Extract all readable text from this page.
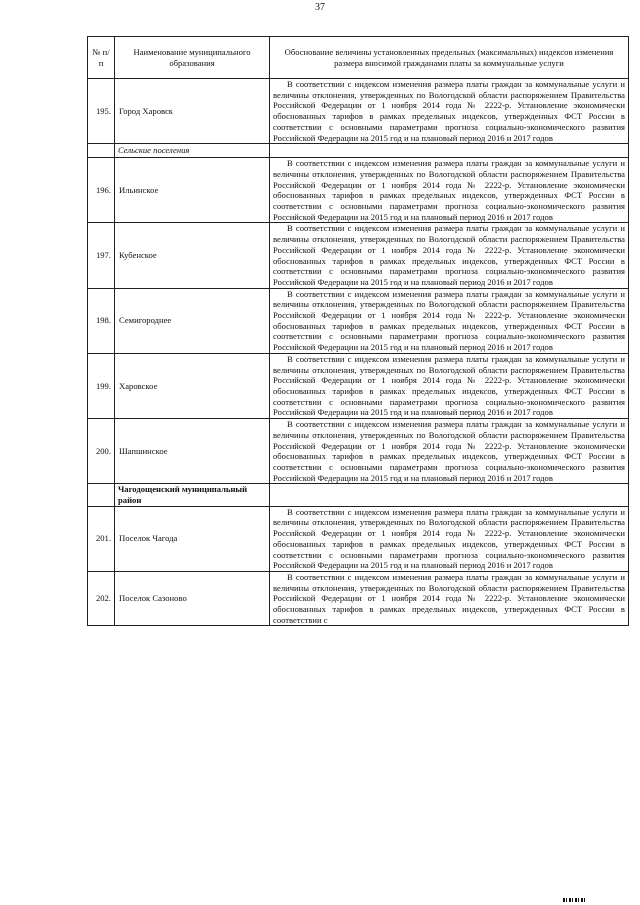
37
№ п/п	Наименование муниципального образования	Обоснование величины установленных предельных (максимальных) индексов изменения размера вносимой гражданами платы за коммунальные услуги
195.	Город Харовск	В соответствии с индексом изменения размера платы граждан за коммунальные услуги и величины отклонения, утвержденных по Вологодской области распоряжением Правительства Российской Федерации от 1 ноября 2014 года № 2222-р. Установление экономически обоснованных тарифов в рамках предельных индексов, утвержденных ФСТ России в соответствии с основными параметрами прогноза социально-экономического развития Российской Федерации на 2015 год и на плановый период 2016 и 2017 годов
	Сельские поселения	
196.	Ильинское	В соответствии с индексом изменения размера платы граждан за коммунальные услуги и величины отклонения, утвержденных по Вологодской области распоряжением Правительства Российской Федерации от 1 ноября 2014 года № 2222-р. Установление экономически обоснованных тарифов в рамках предельных индексов, утвержденных ФСТ России в соответствии с основными параметрами прогноза социально-экономического развития Российской Федерации на 2015 год и на плановый период 2016 и 2017 годов
197.	Кубенское	В соответствии с индексом изменения размера платы граждан за коммунальные услуги и величины отклонения, утвержденных по Вологодской области распоряжением Правительства Российской Федерации от 1 ноября 2014 года № 2222-р. Установление экономически обоснованных тарифов в рамках предельных индексов, утвержденных ФСТ России в соответствии с основными параметрами прогноза социально-экономического развития Российской Федерации на 2015 год и на плановый период 2016 и 2017 годов
198.	Семигороднее	В соответствии с индексом изменения размера платы граждан за коммунальные услуги и величины отклонения, утвержденных по Вологодской области распоряжением Правительства Российской Федерации от 1 ноября 2014 года № 2222-р. Установление экономически обоснованных тарифов в рамках предельных индексов, утвержденных ФСТ России в соответствии с основными параметрами прогноза социально-экономического развития Российской Федерации на 2015 год и на плановый период 2016 и 2017 годов
199.	Харовское	В соответствии с индексом изменения размера платы граждан за коммунальные услуги и величины отклонения, утвержденных по Вологодской области распоряжением Правительства Российской Федерации от 1 ноября 2014 года № 2222-р. Установление экономически обоснованных тарифов в рамках предельных индексов, утвержденных ФСТ России в соответствии с основными параметрами прогноза социально-экономического развития Российской Федерации на 2015 год и на плановый период 2016 и 2017 годов
200.	Шапшинское	В соответствии с индексом изменения размера платы граждан за коммунальные услуги и величины отклонения, утвержденных по Вологодской области распоряжением Правительства Российской Федерации от 1 ноября 2014 года № 2222-р. Установление экономически обоснованных тарифов в рамках предельных индексов, утвержденных ФСТ России в соответствии с основными параметрами прогноза социально-экономического развития Российской Федерации на 2015 год и на плановый период 2016 и 2017 годов
	Чагодощенский муниципальный район	
201.	Поселок Чагода	В соответствии с индексом изменения размера платы граждан за коммунальные услуги и величины отклонения, утвержденных по Вологодской области распоряжением Правительства Российской Федерации от 1 ноября 2014 года № 2222-р. Установление экономически обоснованных тарифов в рамках предельных индексов, утвержденных ФСТ России в соответствии с основными параметрами прогноза социально-экономического развития Российской Федерации на 2015 год и на плановый период 2016 и 2017 годов
202.	Поселок Сазоново	В соответствии с индексом изменения размера платы граждан за коммунальные услуги и величины отклонения, утвержденных по Вологодской области распоряжением Правительства Российской Федерации от 1 ноября 2014 года № 2222-р. Установление экономически обоснованных тарифов в рамках предельных индексов, утвержденных ФСТ России в соответствии с
